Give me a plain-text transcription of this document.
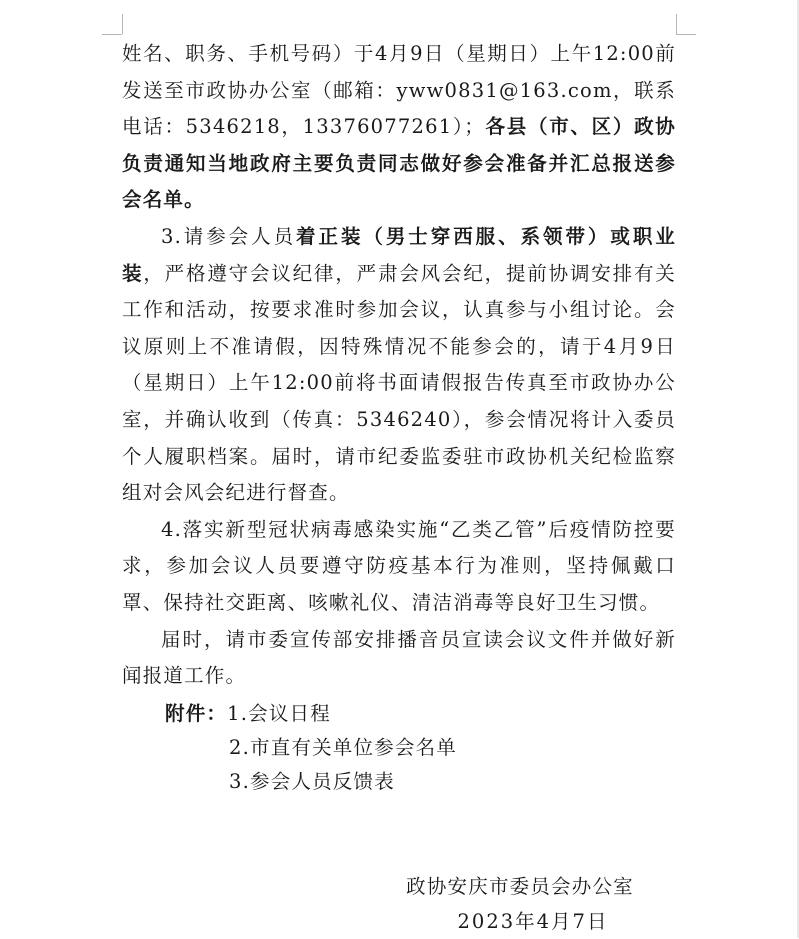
姓名、职务、手机号码）于4月9日（星期日）上午12:00前发送至市政协办公室（邮箱：yww0831@163.com，联系电话：5346218，13376077261）；各县（市、区）政协负责通知当地政府主要负责同志做好参会准备并汇总报送参会名单。

3.请参会人员着正装（男士穿西服、系领带）或职业装，严格遵守会议纪律，严肃会风会纪，提前协调安排有关工作和活动，按要求准时参加会议，认真参与小组讨论。会议原则上不准请假，因特殊情况不能参会的，请于4月9日（星期日）上午12:00前将书面请假报告传真至市政协办公室，并确认收到（传真：5346240），参会情况将计入委员个人履职档案。届时，请市纪委监委驻市政协机关纪检监察组对会风会纪进行督查。

4.落实新型冠状病毒感染实施“乙类乙管”后疫情防控要求，参加会议人员要遵守防疫基本行为准则，坚持佩戴口罩、保持社交距离、咳嗽礼仪、清洁消毒等良好卫生习惯。

届时，请市委宣传部安排播音员宣读会议文件并做好新闻报道工作。

附件：1.会议日程
2.市直有关单位参会名单
3.参会人员反馈表
政协安庆市委员会办公室
2023年4月7日
